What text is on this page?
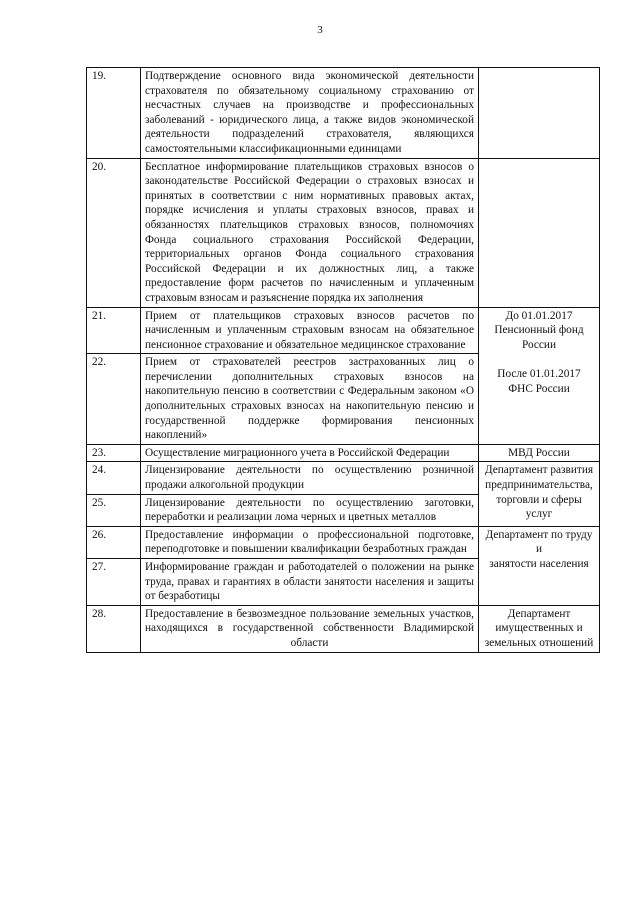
3
19.	Подтверждение основного вида экономической деятельности страхователя по обязательному социальному страхованию от несчастных случаев на производстве и профессиональных заболеваний - юридического лица, а также видов экономической деятельности подразделений страхователя, являющихся самостоятельными классификационными единицами	
20.	Бесплатное информирование плательщиков страховых взносов о законодательстве Российской Федерации о страховых взносах и принятых в соответствии с ним нормативных правовых актах, порядке исчисления и уплаты страховых взносов, правах и обязанностях плательщиков страховых взносов, полномочиях Фонда социального страхования Российской Федерации, территориальных органов Фонда социального страхования Российской Федерации и их должностных лиц, а также предоставление форм расчетов по начисленным и уплаченным страховым взносам и разъяснение порядка их заполнения	
21.	Прием от плательщиков страховых взносов расчетов по начисленным и уплаченным страховым взносам на обязательное пенсионное страхование и обязательное медицинское страхование	До 01.01.2017
Пенсионный фонд России
После 01.01.2017
ФНС России

22.	Прием от страхователей реестров застрахованных лиц о перечислении дополнительных страховых взносов на накопительную пенсию в соответствии с Федеральным законом «О дополнительных страховых взносах на накопительную пенсию и государственной поддержке формирования пенсионных накоплений»	
23.	Осуществление миграционного учета в Российской Федерации	МВД России

24.	Лицензирование деятельности по осуществлению розничной продажи алкогольной продукции	Департамент развития
предпринимательства,
торговли и сферы услуг

25.	Лицензирование деятельности по осуществлению заготовки, переработки и реализации лома черных и цветных металлов	
26.	Предоставление информации о профессиональной подготовке, переподготовке и повышении квалификации безработных граждан	Департамент по труду и
занятости населения

27.	Информирование граждан и работодателей о положении на рынке труда, правах и гарантиях в области занятости населения и защиты от безработицы	
28.	Предоставление в безвозмездное пользование земельных участков, находящихся в государственной собственности Владимирской области	Департамент
имущественных и
земельных отношений
